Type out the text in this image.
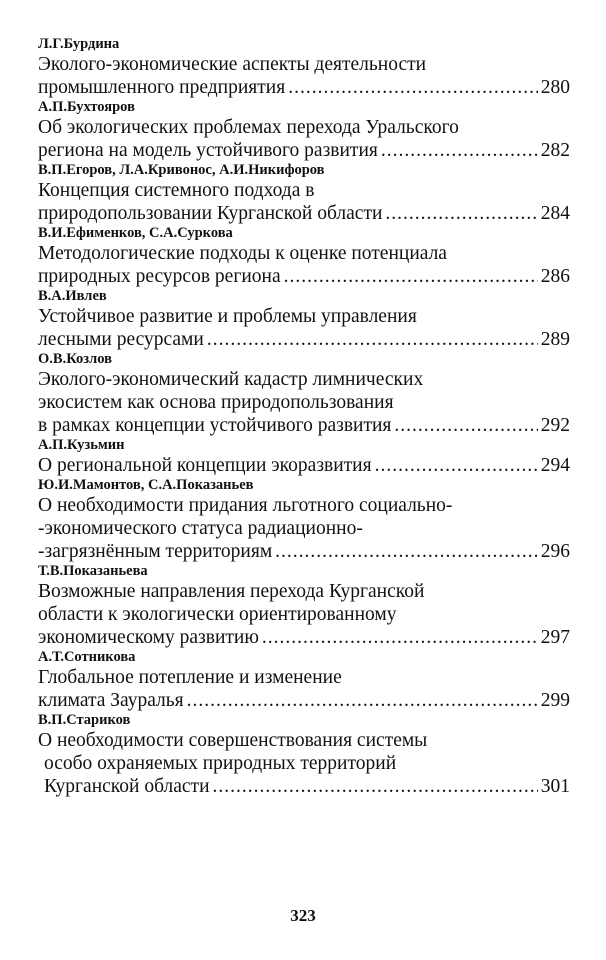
Л.Г.Бурдина
Эколого-экономические аспекты деятельности
промышленного предприятия .....	280
А.П.Бухтояров
Об экологических проблемах перехода Уральского
региона на модель устойчивого развития .....	282
В.П.Егоров, Л.А.Кривонос, А.И.Никифоров
Концепция системного подхода в
природопользовании Курганской области .....	284
В.И.Ефименков, С.А.Суркова
Методологические подходы к оценке потенциала
природных ресурсов региона .....	286
В.А.Ивлев
Устойчивое развитие и проблемы управления
лесными ресурсами .....	289
О.В.Козлов
Эколого-экономический кадастр лимнических
экосистем как основа природопользования
в рамках концепции устойчивого развития .....	292
А.П.Кузьмин
О региональной концепции экоразвития .....	294
Ю.И.Мамонтов, С.А.Показаньев
О необходимости придания льготного социально-
-экономического статуса радиационно-
-загрязнённым территориям .....	296
Т.В.Показаньева
Возможные направления перехода Курганской
области к экологически ориентированному
экономическому развитию .....	297
А.Т.Сотникова
Глобальное потепление и изменение
климата Зауралья .....	299
В.П.Стариков
О необходимости совершенствования системы
особо охраняемых природных территорий
Курганской области .....	301
323
